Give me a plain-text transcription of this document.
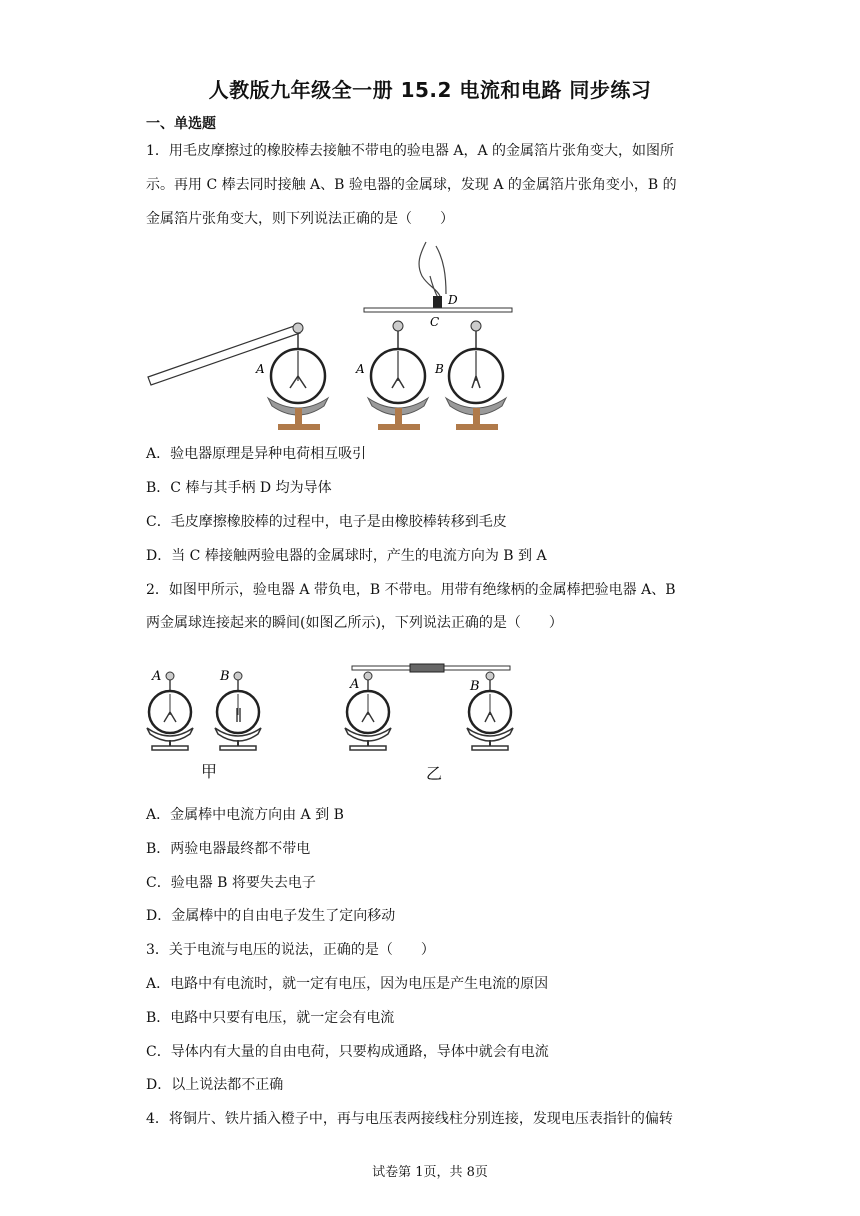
人教版九年级全一册 15.2 电流和电路 同步练习
一、单选题
1．用毛皮摩擦过的橡胶棒去接触不带电的验电器 A，A 的金属箔片张角变大，如图所
示。再用 C 棒去同时接触 A、B 验电器的金属球，发现 A 的金属箔片张角变小，B 的
金属箔片张角变大，则下列说法正确的是（　　）
A
C
D
A	B
A．验电器原理是异种电荷相互吸引
B．C 棒与其手柄 D 均为导体
C．毛皮摩擦橡胶棒的过程中，电子是由橡胶棒转移到毛皮
D．当 C 棒接触两验电器的金属球时，产生的电流方向为 B 到 A
2．如图甲所示，验电器 A 带负电，B 不带电。用带有绝缘柄的金属棒把验电器 A、B
两金属球连接起来的瞬间(如图乙所示)，下列说法正确的是（　　）
A	B
A	B
甲	乙
A．金属棒中电流方向由 A 到 B
B．两验电器最终都不带电
C．验电器 B 将要失去电子
D．金属棒中的自由电子发生了定向移动
3．关于电流与电压的说法，正确的是（　　）
A．电路中有电流时，就一定有电压，因为电压是产生电流的原因
B．电路中只要有电压，就一定会有电流
C．导体内有大量的自由电荷，只要构成通路，导体中就会有电流
D．以上说法都不正确
4．将铜片、铁片插入橙子中，再与电压表两接线柱分别连接，发现电压表指针的偏转
试卷第 1页，共 8页
